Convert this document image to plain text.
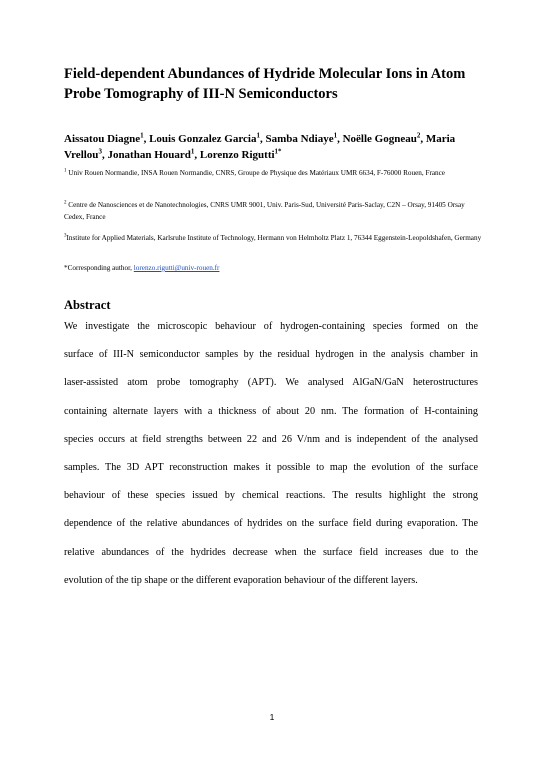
Field-dependent Abundances of Hydride Molecular Ions in Atom Probe Tomography of III-N Semiconductors
Aissatou Diagne$^1$, Louis Gonzalez Garcia$^1$, Samba Ndiaye$^1$, Noëlle Gogneau$^2$, Maria Vrellou$^3$, Jonathan Houard$^1$, Lorenzo Rigutti$^{1*}$
$^1$ Univ Rouen Normandie, INSA Rouen Normandie, CNRS, Groupe de Physique des Matériaux UMR 6634, F-76000 Rouen, France
$^2$ Centre de Nanosciences et de Nanotechnologies, CNRS UMR 9001, Univ. Paris-Sud, Université Paris-Saclay, C2N – Orsay, 91405 Orsay Cedex, France
$^3$Institute for Applied Materials, Karlsruhe Institute of Technology, Hermann von Helmholtz Platz 1, 76344 Eggenstein-Leopoldshafen, Germany
*Corresponding author, lorenzo.rigutti@univ-rouen.fr
Abstract
We investigate the microscopic behaviour of hydrogen-containing species formed on the
surface of III-N semiconductor samples by the residual hydrogen in the analysis chamber in
laser-assisted atom probe tomography (APT). We analysed AlGaN/GaN heterostructures
containing alternate layers with a thickness of about 20 nm. The formation of H-containing
species occurs at field strengths between 22 and 26 V/nm and is independent of the analysed
samples. The 3D APT reconstruction makes it possible to map the evolution of the surface
behaviour of these species issued by chemical reactions. The results highlight the strong
dependence of the relative abundances of hydrides on the surface field during evaporation. The
relative abundances of the hydrides decrease when the surface field increases due to the
evolution of the tip shape or the different evaporation behaviour of the different layers.
1
